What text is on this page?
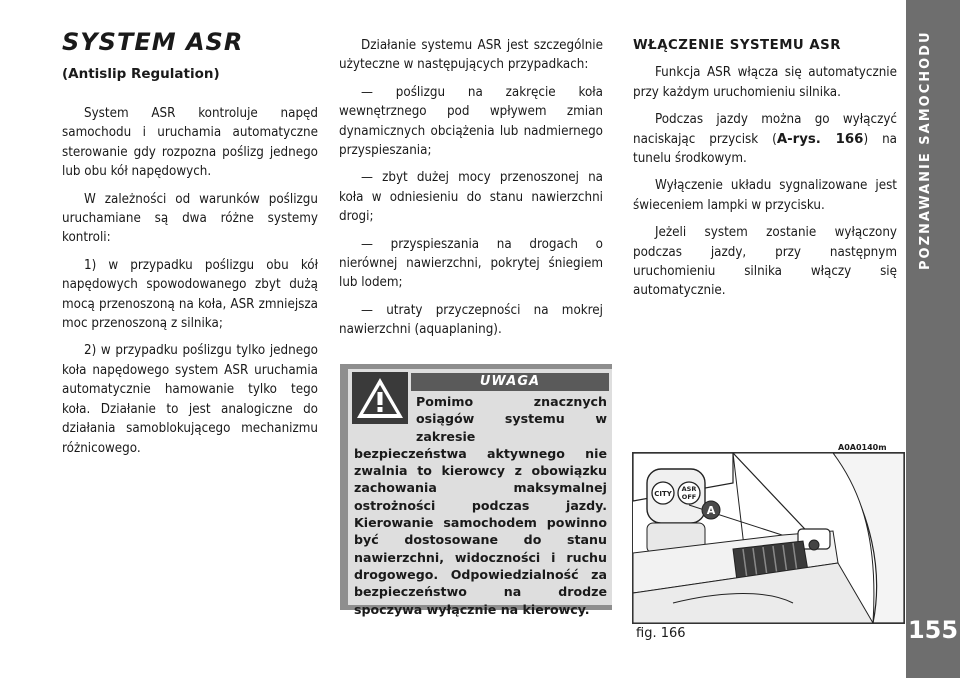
POZNAWANIE SAMOCHODU
155
SYSTEM ASR
(Antislip Regulation)

System ASR kontroluje napęd samochodu i uruchamia automatyczne sterowanie gdy rozpozna poślizg jednego lub obu kół napędowych.

W zależności od warunków poślizgu uruchamiane są dwa różne systemy kontroli:

1) w przypadku poślizgu obu kół napędowych spowodowanego zbyt dużą mocą przenoszoną na koła, ASR zmniejsza moc przenoszoną z silnika;

2) w przypadku poślizgu tylko jednego koła napędowego system ASR uruchamia automatycznie hamowanie tylko tego koła. Działanie to jest analogiczne do działania samoblokującego mechanizmu różnicowego.

Działanie systemu ASR jest szczególnie użyteczne w następujących przypadkach:

— poślizgu na zakręcie koła wewnętrznego pod wpływem zmian dynamicznych obciążenia lub nadmiernego przyspieszania;

— zbyt dużej mocy przenoszonej na koła w odniesieniu do stanu nawierzchni drogi;

— przyspieszania na drogach o nierównej nawierzchni, pokrytej śniegiem lub lodem;

— utraty przyczepności na mokrej nawierzchni (aquaplaning).

UWAGA
Pomimo znacznych osiągów systemu w zakresie
bezpieczeństwa aktywnego nie zwalnia to kierowcy z obowiązku zachowania maksymalnej ostrożności podczas jazdy. Kierowanie samochodem powinno być dostosowane do stanu nawierzchni, widoczności i ruchu drogowego. Odpowiedzialność za bezpieczeństwo na drodze spoczywa wyłącznie na kierowcy.
WŁĄCZENIE SYSTEMU ASR

Funkcja ASR włącza się automatycznie przy każdym uruchomieniu silnika.

Podczas jazdy można go wyłączyć naciskając przycisk (A-rys. 166) na tunelu środkowym.

Wyłączenie układu sygnalizowane jest świeceniem lampki w przycisku.

Jeżeli system zostanie wyłączony podczas jazdy, przy następnym uruchomieniu silnika włączy się automatycznie.

A0A0140m
CITY
ASR
OFF
A
fig. 166
